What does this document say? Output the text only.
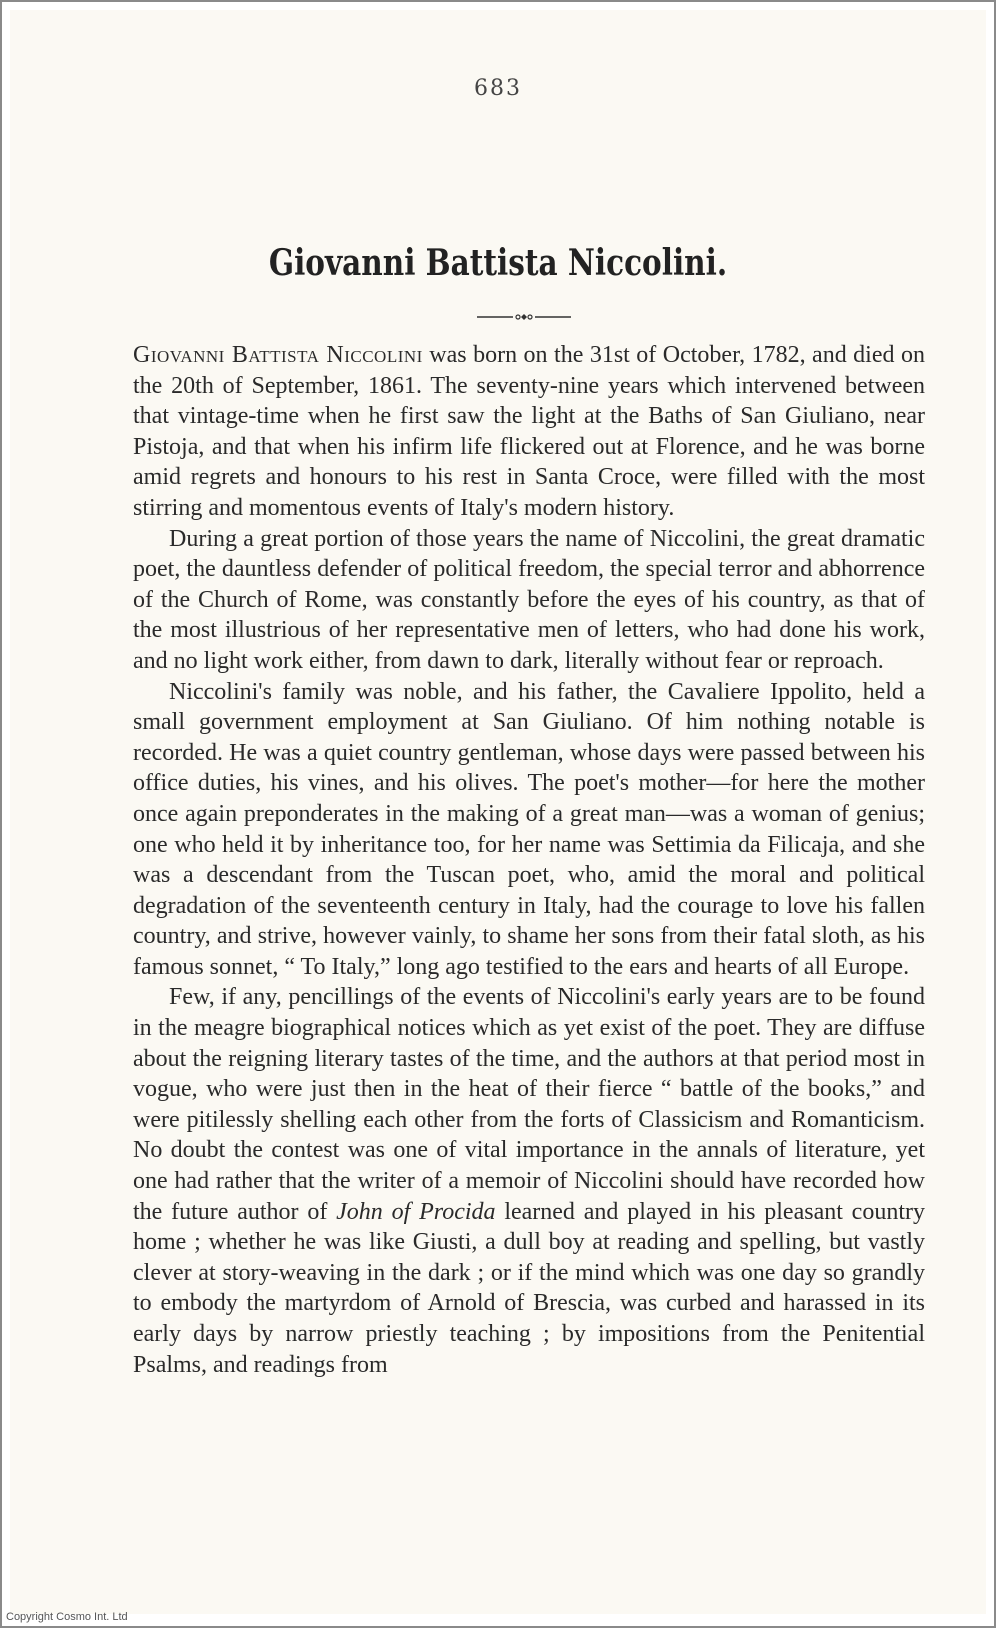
683
Giovanni Battista Niccolini.

Giovanni Battista Niccolini was born on the 31st of October, 1782, and died on the 20th of September, 1861. The seventy-nine years which intervened between that vintage-time when he first saw the light at the Baths of San Giuliano, near Pistoja, and that when his infirm life flickered out at Florence, and he was borne amid regrets and honours to his rest in Santa Croce, were filled with the most stirring and momentous events of Italy's modern history.

During a great portion of those years the name of Niccolini, the great dramatic poet, the dauntless defender of political freedom, the special terror and abhorrence of the Church of Rome, was constantly before the eyes of his country, as that of the most illustrious of her representative men of letters, who had done his work, and no light work either, from dawn to dark, literally without fear or reproach.

Niccolini's family was noble, and his father, the Cavaliere Ippolito, held a small government employment at San Giuliano. Of him nothing notable is recorded. He was a quiet country gentleman, whose days were passed between his office duties, his vines, and his olives. The poet's mother—for here the mother once again preponderates in the making of a great man—was a woman of genius; one who held it by inheritance too, for her name was Settimia da Filicaja, and she was a descendant from the Tuscan poet, who, amid the moral and political degradation of the seventeenth century in Italy, had the courage to love his fallen country, and strive, however vainly, to shame her sons from their fatal sloth, as his famous sonnet, “ To Italy,” long ago testified to the ears and hearts of all Europe.

Few, if any, pencillings of the events of Niccolini's early years are to be found in the meagre biographical notices which as yet exist of the poet. They are diffuse about the reigning literary tastes of the time, and the authors at that period most in vogue, who were just then in the heat of their fierce “ battle of the books,” and were pitilessly shelling each other from the forts of Classicism and Romanticism. No doubt the contest was one of vital importance in the annals of literature, yet one had rather that the writer of a memoir of Niccolini should have recorded how the future author of John of Procida learned and played in his pleasant country home ; whether he was like Giusti, a dull boy at reading and spelling, but vastly clever at story-weaving in the dark ; or if the mind which was one day so grandly to embody the martyrdom of Arnold of Brescia, was curbed and harassed in its early days by narrow priestly teaching ; by impositions from the Penitential Psalms, and readings from

Copyright Cosmo Int. Ltd
